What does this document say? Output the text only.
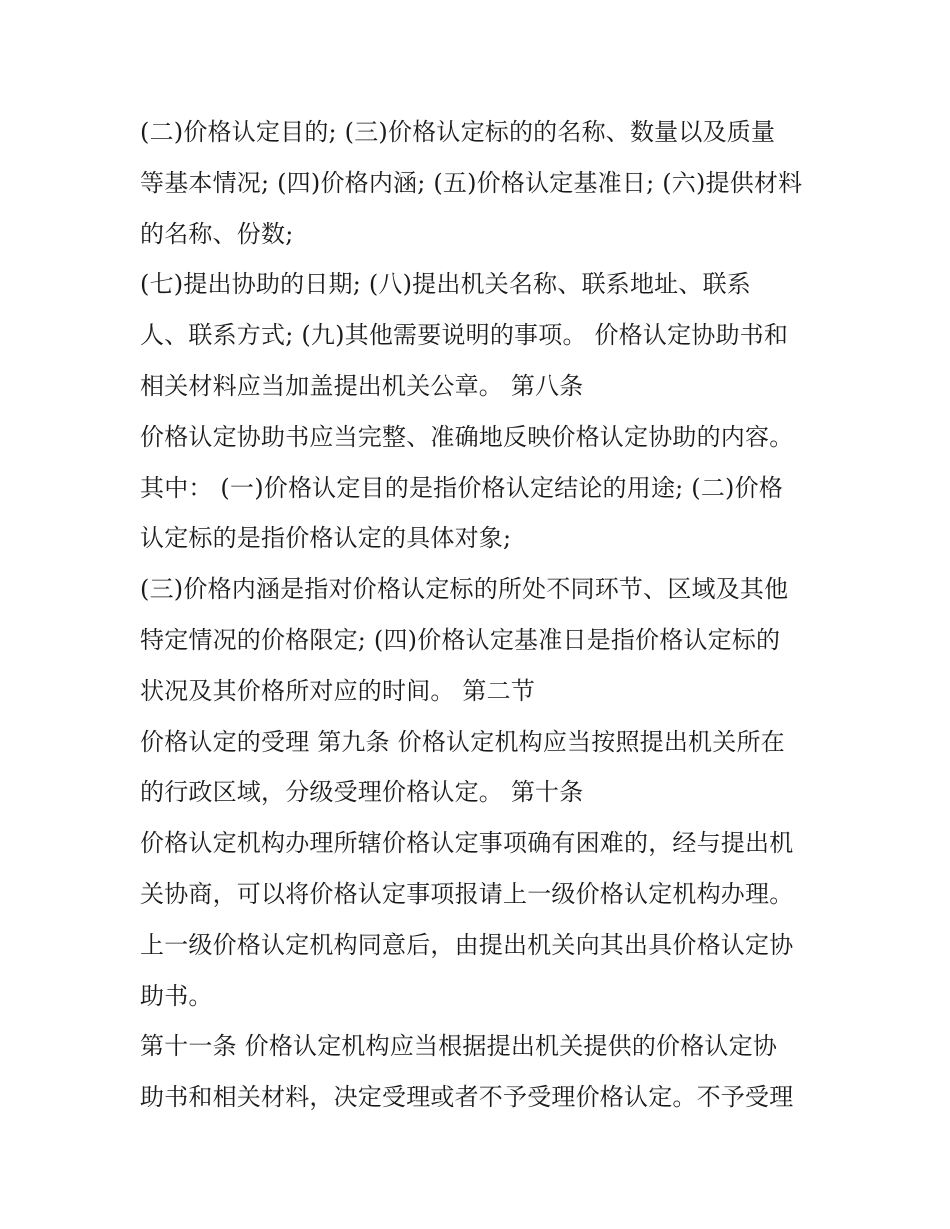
(二)价格认定目的; (三)价格认定标的的名称、数量以及质量
等基本情况; (四)价格内涵; (五)价格认定基准日; (六)提供材料
的名称、份数;
(七)提出协助的日期; (八)提出机关名称、联系地址、联系
人、联系方式; (九)其他需要说明的事项。 价格认定协助书和
相关材料应当加盖提出机关公章。 第八条
价格认定协助书应当完整、准确地反映价格认定协助的内容。
其中： (一)价格认定目的是指价格认定结论的用途; (二)价格
认定标的是指价格认定的具体对象;
(三)价格内涵是指对价格认定标的所处不同环节、区域及其他
特定情况的价格限定; (四)价格认定基准日是指价格认定标的
状况及其价格所对应的时间。 第二节
价格认定的受理 第九条 价格认定机构应当按照提出机关所在
的行政区域，分级受理价格认定。 第十条
价格认定机构办理所辖价格认定事项确有困难的，经与提出机
关协商，可以将价格认定事项报请上一级价格认定机构办理。
上一级价格认定机构同意后，由提出机关向其出具价格认定协
助书。
第十一条 价格认定机构应当根据提出机关提供的价格认定协
助书和相关材料，决定受理或者不予受理价格认定。不予受理
